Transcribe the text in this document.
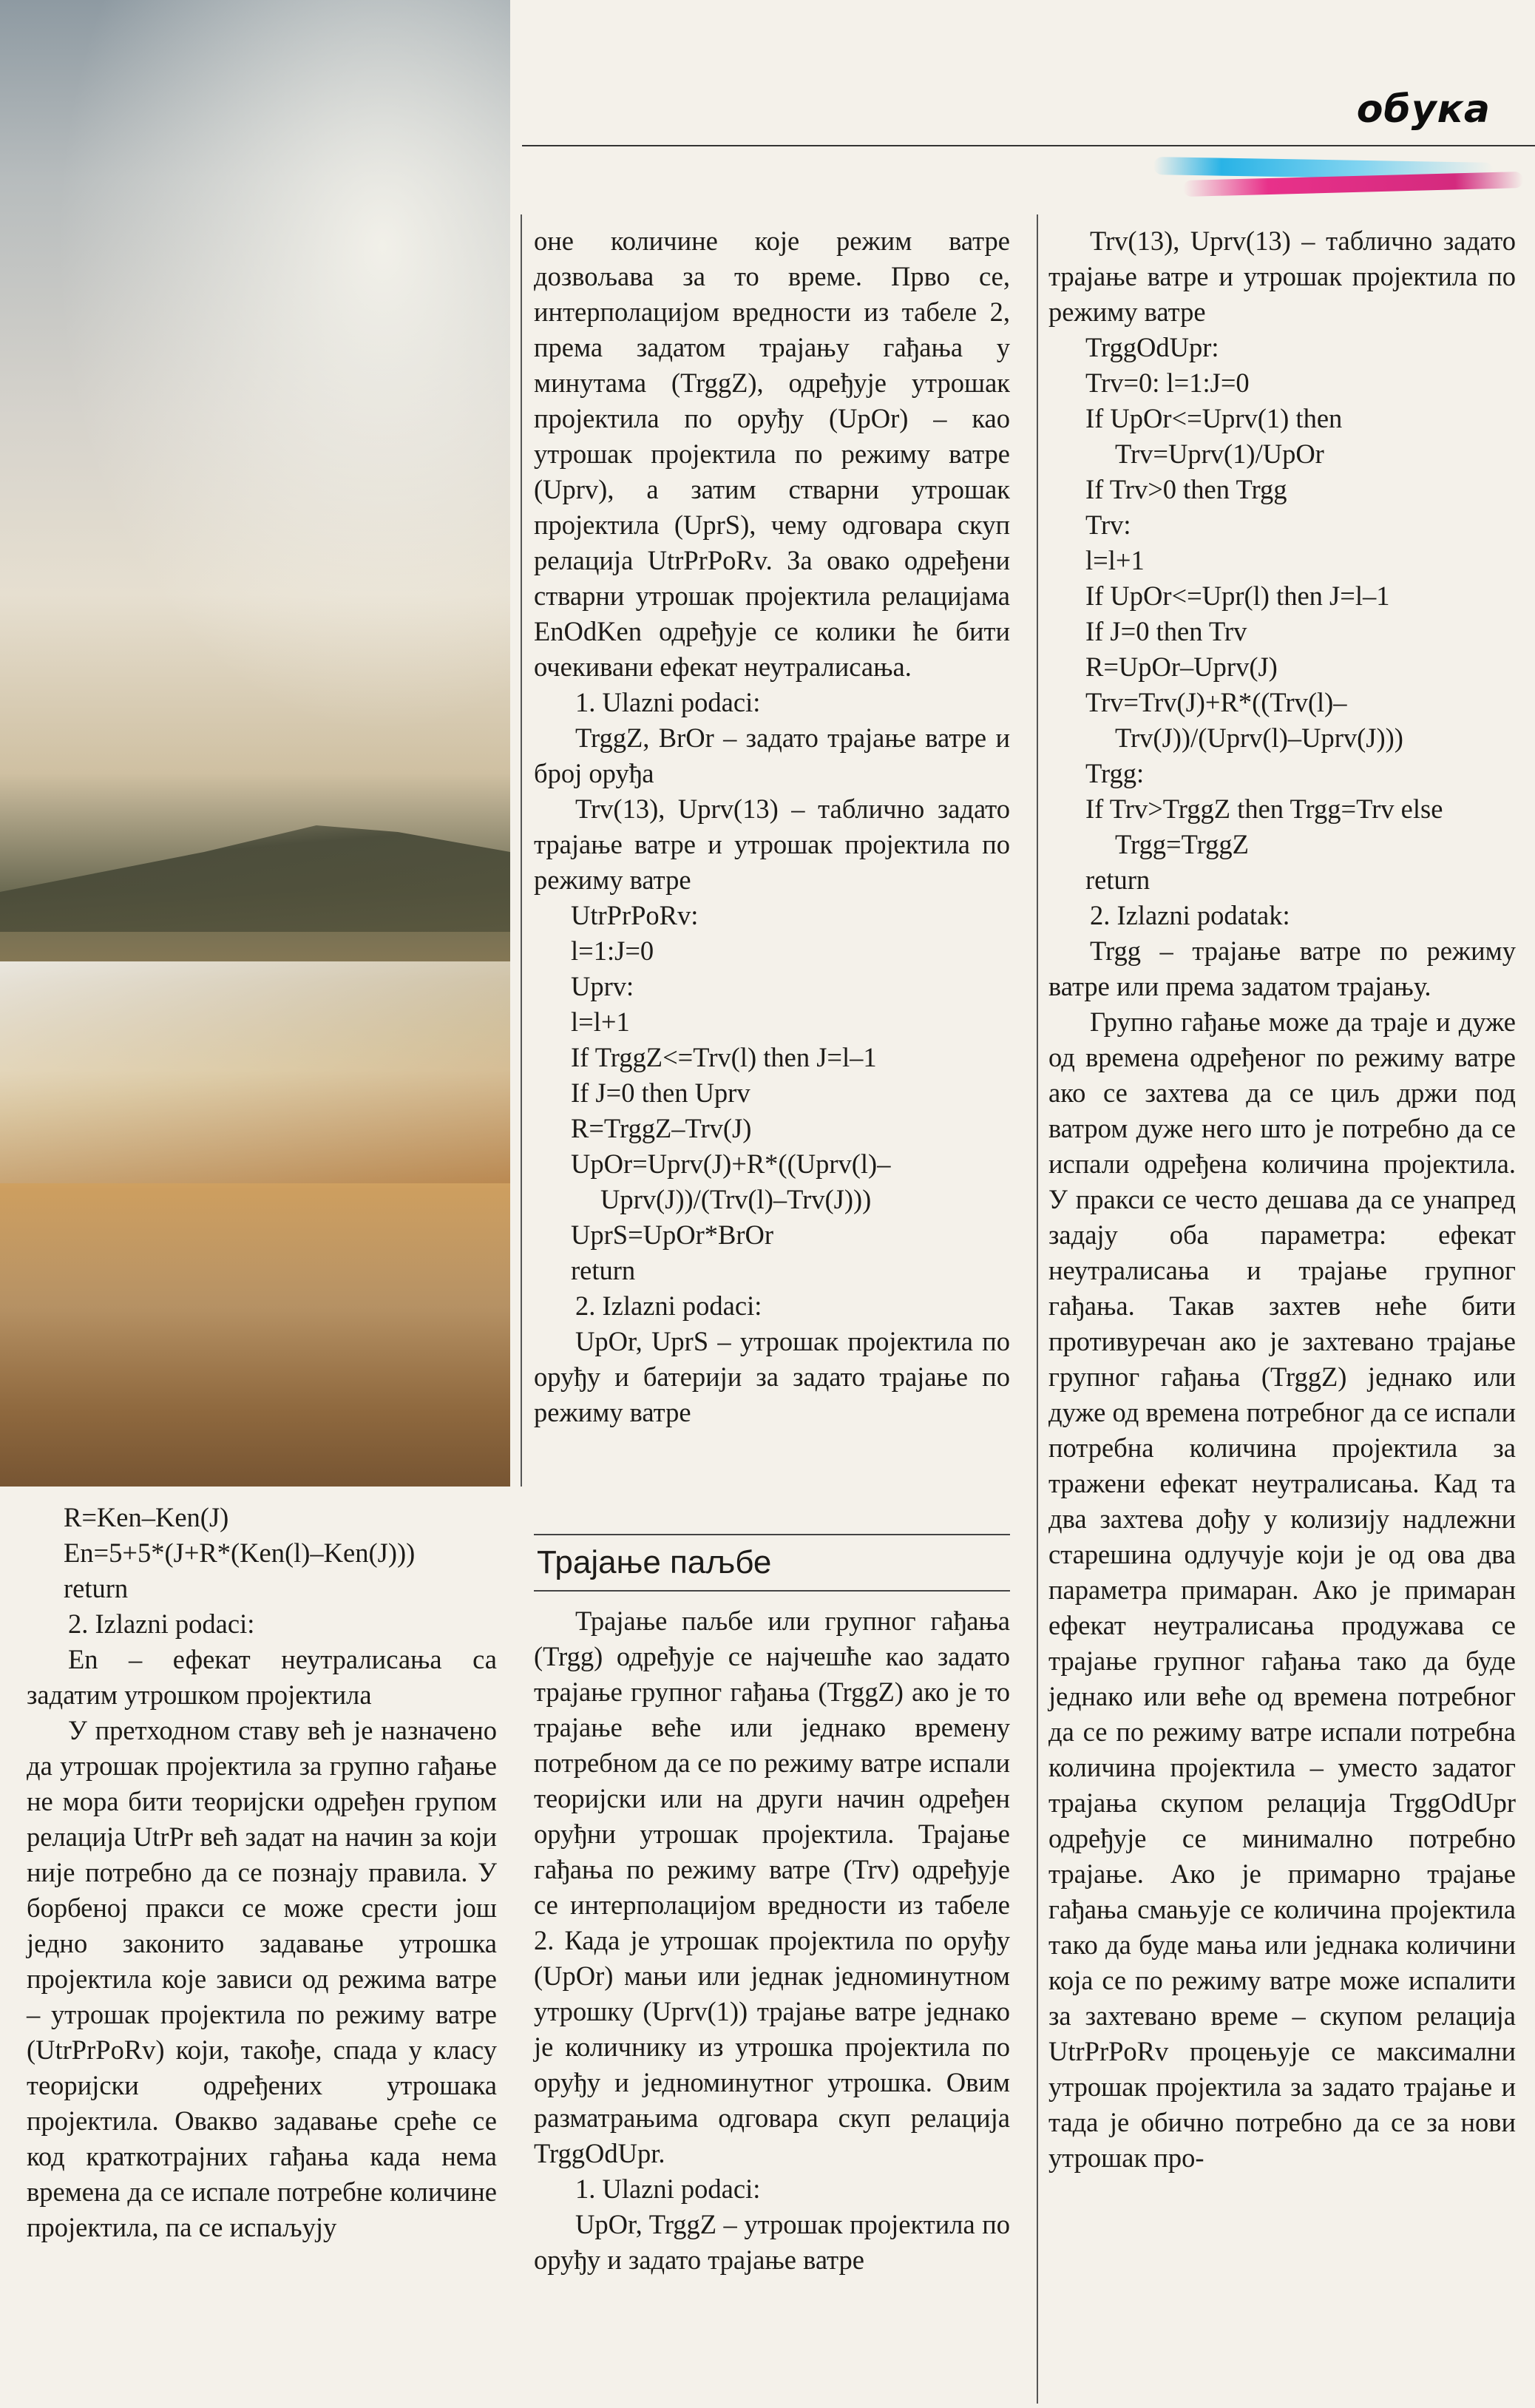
обука
R=Ken–Ken(J)
En=5+5*(J+R*(Ken(l)–Ken(J)))
return
2. Izlazni podaci:

En – ефекат неутралисања са задатим утрошком пројектила

У претходном ставу већ је назначено да утрошак пројектила за групно гађање не мора бити теоријски одређен групом релација UtrPr већ задат на начин за који није потребно да се познају правила. У борбеној пракси се може срести још једно законито задавање утрошка пројектила које зависи од режима ватре – утрошак пројектила по режиму ватре (UtrPrPoRv) који, такође, спада у класу теоријски одређених утрошака пројектила. Овакво задавање среће се код краткотрајних гађања када нема времена да се испале потребне количине пројектила, па се испаљују

оне количине које режим ватре дозвољава за то време. Прво се, интерполацијом вредности из табеле 2, према задатом трајању гађања у минутама (TrggZ), одређује утрошак пројектила по оруђу (UpOr) – као утрошак пројектила по режиму ватре (Uprv), а затим стварни утрошак пројектила (UprS), чему одговара скуп релација UtrPrPoRv. За овако одређени стварни утрошак пројектила релацијама EnOdKen одређује се колики ће бити очекивани ефекат неутралисања.

1. Ulazni podaci:

TrggZ, BrOr – задато трајање ватре и број оруђа

Trv(13), Uprv(13) – таблично задато трајање ватре и утрошак пројектила по режиму ватре

UtrPrPoRv:
l=1:J=0
Uprv:
l=l+1
If TrggZ<=Trv(l) then J=l–1
If J=0 then Uprv
R=TrggZ–Trv(J)
UpOr=Uprv(J)+R*((Uprv(l)–Uprv(J))/(Trv(l)–Trv(J)))
UprS=UpOr*BrOr
return

2. Izlazni podaci:

UpOr, UprS – утрошак пројектила по оруђу и батерији за задато трајање по режиму ватре

Трајање паљбе

Трајање паљбе или групног гађања (Trgg) одређује се најчешће као задато трајање групног гађања (TrggZ) ако је то трајање веће или једнако времену потребном да се по режиму ватре испали теоријски или на други начин одређен оруђни утрошак пројектила. Трајање гађања по режиму ватре (Trv) одређује се интерполацијом вредности из табеле 2. Када је утрошак пројектила по оруђу (UpOr) мањи или једнак једноминутном утрошку (Uprv(1)) трајање ватре једнако је количнику из утрошка пројектила по оруђу и једноминутног утрошка. Овим разматрањима одговара скуп релација TrggOdUpr.

1. Ulazni podaci:

UpOr, TrggZ – утрошак пројектила по оруђу и задато трајање ватре

Trv(13), Uprv(13) – таблично задато трајање ватре и утрошак пројектила по режиму ватре

TrggOdUpr:
Trv=0: l=1:J=0
If UpOr<=Uprv(1) then Trv=Uprv(1)/UpOr
If Trv>0 then Trgg
Trv:
l=l+1
If UpOr<=Upr(l) then J=l–1
If J=0 then Trv
R=UpOr–Uprv(J)
Trv=Trv(J)+R*((Trv(l)–Trv(J))/(Uprv(l)–Uprv(J)))
Trgg:
If Trv>TrggZ then Trgg=Trv else Trgg=TrggZ
return

2. Izlazni podatak:

Trgg – трајање ватре по режиму ватре или према задатом трајању.

Групно гађање може да траје и дуже од времена одређеног по режиму ватре ако се захтева да се циљ држи под ватром дуже него што је потребно да се испали одређена количина пројектила. У пракси се често дешава да се унапред задају оба параметра: ефекат неутралисања и трајање групног гађања. Такав захтев неће бити противуречан ако је захтевано трајање групног гађања (TrggZ) једнако или дуже од времена потребног да се испали потребна количина пројектила за тражени ефекат неутралисања. Кад та два захтева дођу у колизију надлежни старешина одлучује који је од ова два параметра примаран. Ако је примаран ефекат неутралисања продужава се трајање групног гађања тако да буде једнако или веће од времена потребног да се по режиму ватре испали потребна количина пројектила – уместо задатог трајања скупом релација TrggOdUpr одређује се минимално потребно трајање. Ако је примарно трајање гађања смањује се количина пројектила тако да буде мања или једнака количини која се по режиму ватре може испалити за захтевано време – скупом релација UtrPrPoRv процењује се максимални утрошак пројектила за задато трајање и тада је обично потребно да се за нови утрошак про-
